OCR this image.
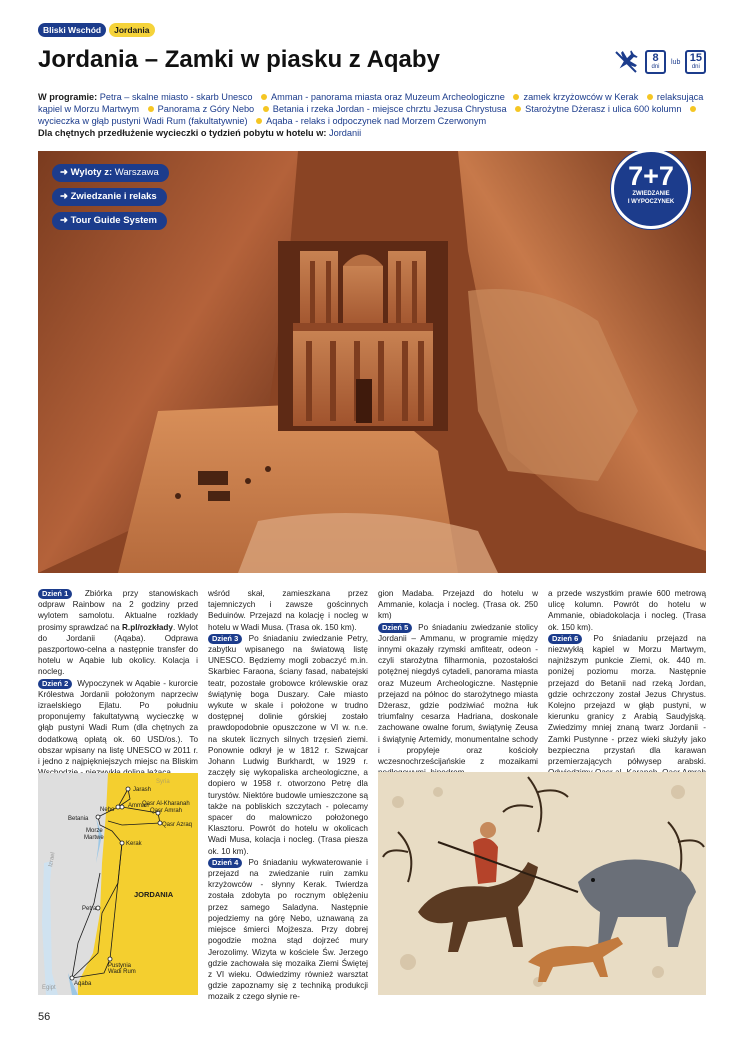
Bliski Wschód	Jordania
Jordania – Zamki w piasku z Aqaby	8
dni
lub 15
dni
W programie: Petra – skalne miasto - skarb Unesco Amman - panorama miasta oraz Muzeum Archeologiczne zamek krzyżowców w Kerak relaksująca kąpiel w Morzu Martwym Panorama z Góry Nebo Betania i rzeka Jordan - miejsce chrztu Jezusa Chrystusa Starożytne Dżerasz i ulica 600 kolumn wycieczka w głąb pustyni Wadi Rum (fakultatywnie) Aqaba - relaks i odpoczynek nad Morzem Czerwonym
Dla chętnych przedłużenie wycieczki o tydzień pobytu w hotelu w: Jordanii
➜ Wyloty z: Warszawa
➜ Zwiedzanie i relaks
➜ Tour Guide System
7+7
ZWIEDZANIE
I WYPOCZYNEK

Dzień 1 Zbiórka przy stanowiskach odpraw Rainbow na 2 godziny przed wylotem samolotu. Aktualne rozkłady prosimy sprawdzać na R.pl/rozkłady. Wylot do Jordanii (Aqaba). Odprawa paszportowo-celna a następnie transfer do hotelu w Aqabie lub okolicy. Kolacja i nocleg.

Dzień 2 Wypoczynek w Aqabie - kurorcie Królestwa Jordanii położonym naprzeciw izraelskiego Ejlatu. Po południu proponujemy fakultatywną wycieczkę w głąb pustyni Wadi Rum (dla chętnych za dodatkową opłatą ok. 60 USD/os.). To obszar wpisany na listę UNESCO w 2011 r. i jedno z najpiękniejszych miejsc na Bliskim

Jarash
Nebo
Amman
Betania
Qasr Al-Kharanah
Qasr Amrah
Qasr Azraq
Morze
Martwe
Kerak
Petra
Pustynia
Wadi Rum
Aqaba
JORDANIA
Syria
Izrael
Egipt

wśród skał, zamieszkana przez tajemniczych i zawsze gościnnych Beduinów. Przejazd na kolację i nocleg w hotelu w Wadi Musa. (Trasa ok. 150 km).

Dzień 3 Po śniadaniu zwiedzanie Petry, zabytku wpisanego na światową listę UNESCO. Będziemy mogli zobaczyć m.in. Skarbiec Faraona, ściany fasad, nabatejski teatr, pozostałe grobowce królewskie oraz świątynię boga Duszary. Całe miasto wykute w skale i położone w trudno dostępnej dolinie górskiej zostało prawdopodobnie opuszczone w VI w. n.e. na skutek licznych silnych trzęsień ziemi. Ponownie odkrył je w 1812 r. Szwajcar Johann Ludwig Burkhardt, w 1929 r. zaczęły się wykopaliska archeologiczne, a dopiero w 1958 r. otworzono Petrę dla turystów. Niektóre budowle umieszczone są także na pobliskich szczytach - polecamy spacer do malowniczo położonego Klasztoru. Powrót do hotelu w okolicach Wadi Musa, kolacja i nocleg. (Trasa piesza ok. 10 km).

Dzień 4 Po śniadaniu wykwaterowanie i przejazd na zwiedzanie ruin zamku krzyżowców - słynny Kerak. Twierdza została zdobyta po rocznym oblężeniu przez samego Saladyna. Następnie pojedziemy na górę Nebo, uznawaną za miejsce śmierci Mojżesza. Przy dobrej pogodzie można stąd dojrzeć mury Jerozolimy. Wizyta w kościele Św. Jerzego gdzie zachowała się mozaika Ziemi Świętej z VI wieku. Odwiedzimy również warsztat gdzie zapoznamy się z techniką produkcji mozaik z czego słynie re-

gion Madaba. Przejazd do hotelu w Ammanie, kolacja i nocleg. (Trasa ok. 250 km)

Dzień 5 Po śniadaniu zwiedzanie stolicy Jordanii – Ammanu, w programie między innymi okazały rzymski amfiteatr, odeon - czyli starożytna filharmonia, pozostałości potężnej niegdyś cytadeli, panorama miasta oraz Muzeum Archeologiczne. Następnie przejazd na północ do starożytnego miasta Dżerasz, gdzie podziwiać można łuk triumfalny cesarza Hadriana, doskonale zachowane owalne forum, świątynię Zeusa i świątynię Artemidy, monumentalne schody i propyleje oraz kościoły wczesnochrześcijańskie z mozaikami

a przede wszystkim prawie 600 metrową ulicę kolumn. Powrót do hotelu w Ammanie, obiadokolacja i nocleg. (Trasa ok. 150 km).

Dzień 6 Po śniadaniu przejazd na niezwykłą kąpiel w Morzu Martwym, najniższym punkcie Ziemi, ok. 440 m. poniżej poziomu morza. Następnie przejazd do Betanii nad rzeką Jordan, gdzie ochrzczony został Jezus Chrystus. Kolejno przejazd w głąb pustyni, w kierunku granicy z Arabią Saudyjską. Zwiedzimy mniej znaną twarz Jordanii - Zamki Pustynne - przez wieki służyły jako bezpieczna przystań dla karawan przemierzających półwysep arabski.

56
